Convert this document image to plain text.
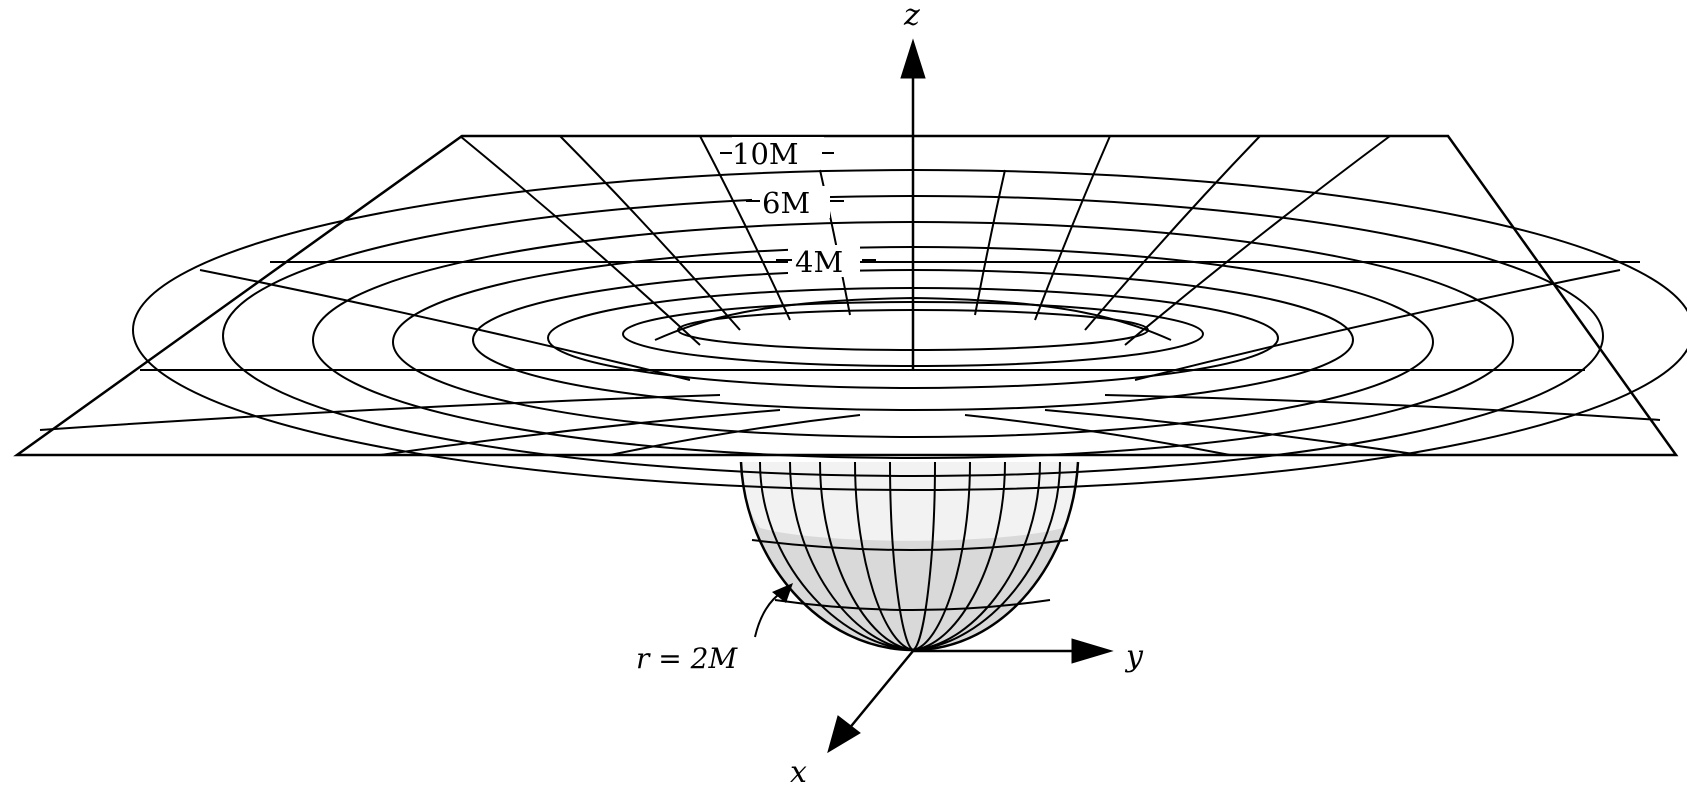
10M
6M
4M
z
y
x
r = 2M
